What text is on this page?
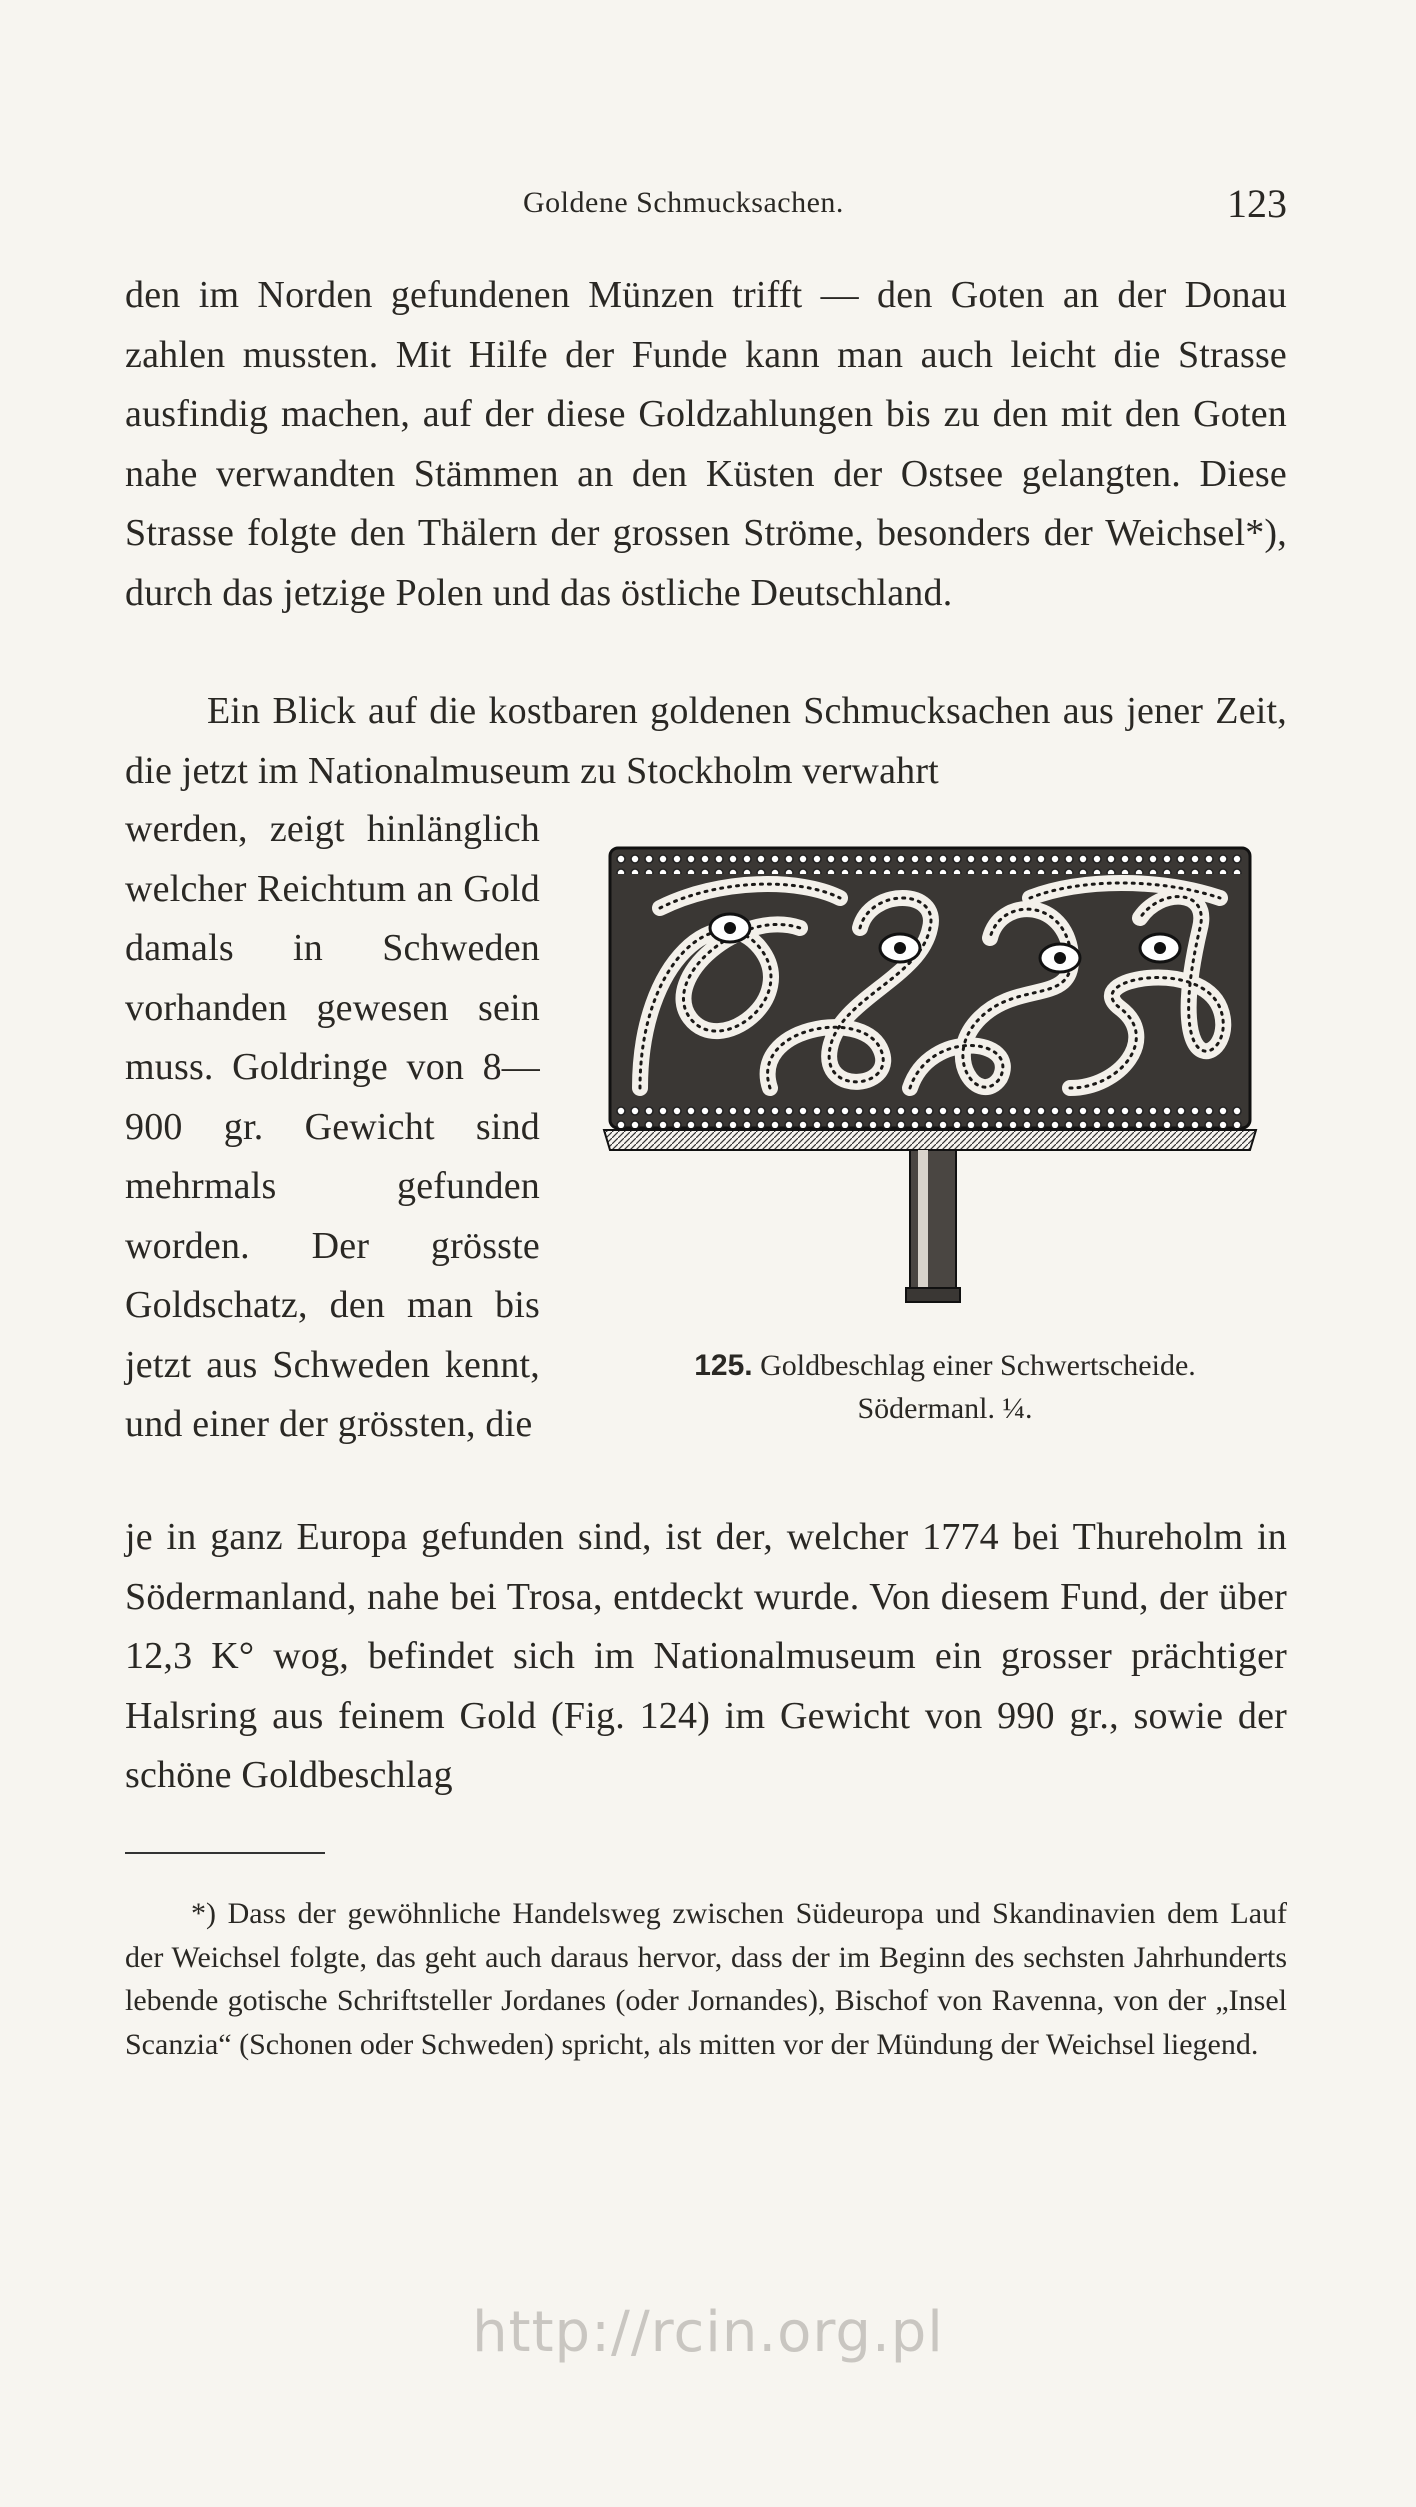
Goldene Schmucksachen.	123

den im Norden gefundenen Münzen trifft — den Goten an der Donau zahlen mussten. Mit Hilfe der Funde kann man auch leicht die Strasse ausfindig machen, auf der diese Goldzahlungen bis zu den mit den Goten nahe verwandten Stämmen an den Küsten der Ostsee gelangten. Diese Strasse folgte den Thälern der grossen Ströme, besonders der Weichsel*), durch das jetzige Polen und das östliche Deutschland.

Ein Blick auf die kostbaren goldenen Schmucksachen aus jener Zeit, die jetzt im Nationalmuseum zu Stockholm verwahrt

werden, zeigt hinlänglich welcher Reichtum an Gold damals in Schweden vorhanden gewesen sein muss. Goldringe von 8—900 gr. Gewicht sind mehrmals gefunden worden. Der grösste Goldschatz, den man bis jetzt aus Schweden kennt, und einer der grössten, die

125. Goldbeschlag einer Schwertscheide.
Södermanl. ¼.

je in ganz Europa gefunden sind, ist der, welcher 1774 bei Thureholm in Södermanland, nahe bei Trosa, entdeckt wurde. Von diesem Fund, der über 12,3 K° wog, befindet sich im Nationalmuseum ein grosser prächtiger Halsring aus feinem Gold (Fig. 124) im Gewicht von 990 gr., sowie der schöne Goldbeschlag

*) Dass der gewöhnliche Handelsweg zwischen Südeuropa und Skandinavien dem Lauf der Weichsel folgte, das geht auch daraus hervor, dass der im Beginn des sechsten Jahrhunderts lebende gotische Schriftsteller Jordanes (oder Jornandes), Bischof von Ravenna, von der „Insel Scanzia“ (Schonen oder Schweden) spricht, als mitten vor der Mündung der Weichsel liegend.

http://rcin.org.pl
